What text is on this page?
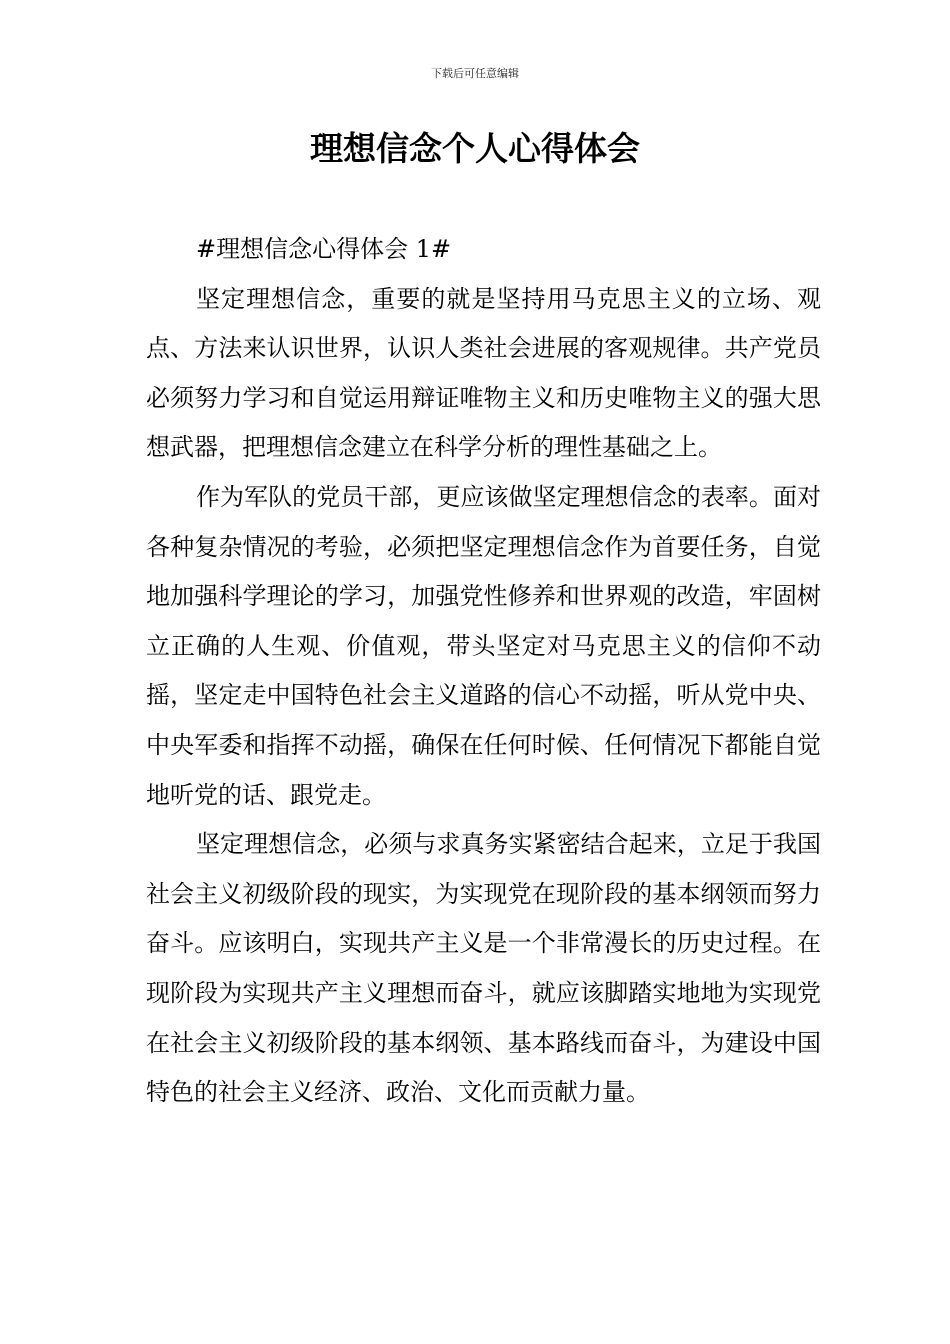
下载后可任意编辑
理想信念个人心得体会

#理想信念心得体会 1#

坚定理想信念，重要的就是坚持用马克思主义的立场、观点、方法来认识世界，认识人类社会进展的客观规律。共产党员必须努力学习和自觉运用辩证唯物主义和历史唯物主义的强大思想武器，把理想信念建立在科学分析的理性基础之上。

作为军队的党员干部，更应该做坚定理想信念的表率。面对各种复杂情况的考验，必须把坚定理想信念作为首要任务，自觉地加强科学理论的学习，加强党性修养和世界观的改造，牢固树立正确的人生观、价值观，带头坚定对马克思主义的信仰不动摇，坚定走中国特色社会主义道路的信心不动摇，听从党中央、中央军委和指挥不动摇，确保在任何时候、任何情况下都能自觉地听党的话、跟党走。

坚定理想信念，必须与求真务实紧密结合起来，立足于我国社会主义初级阶段的现实，为实现党在现阶段的基本纲领而努力奋斗。应该明白，实现共产主义是一个非常漫长的历史过程。在现阶段为实现共产主义理想而奋斗，就应该脚踏实地地为实现党在社会主义初级阶段的基本纲领、基本路线而奋斗，为建设中国特色的社会主义经济、政治、文化而贡献力量。
